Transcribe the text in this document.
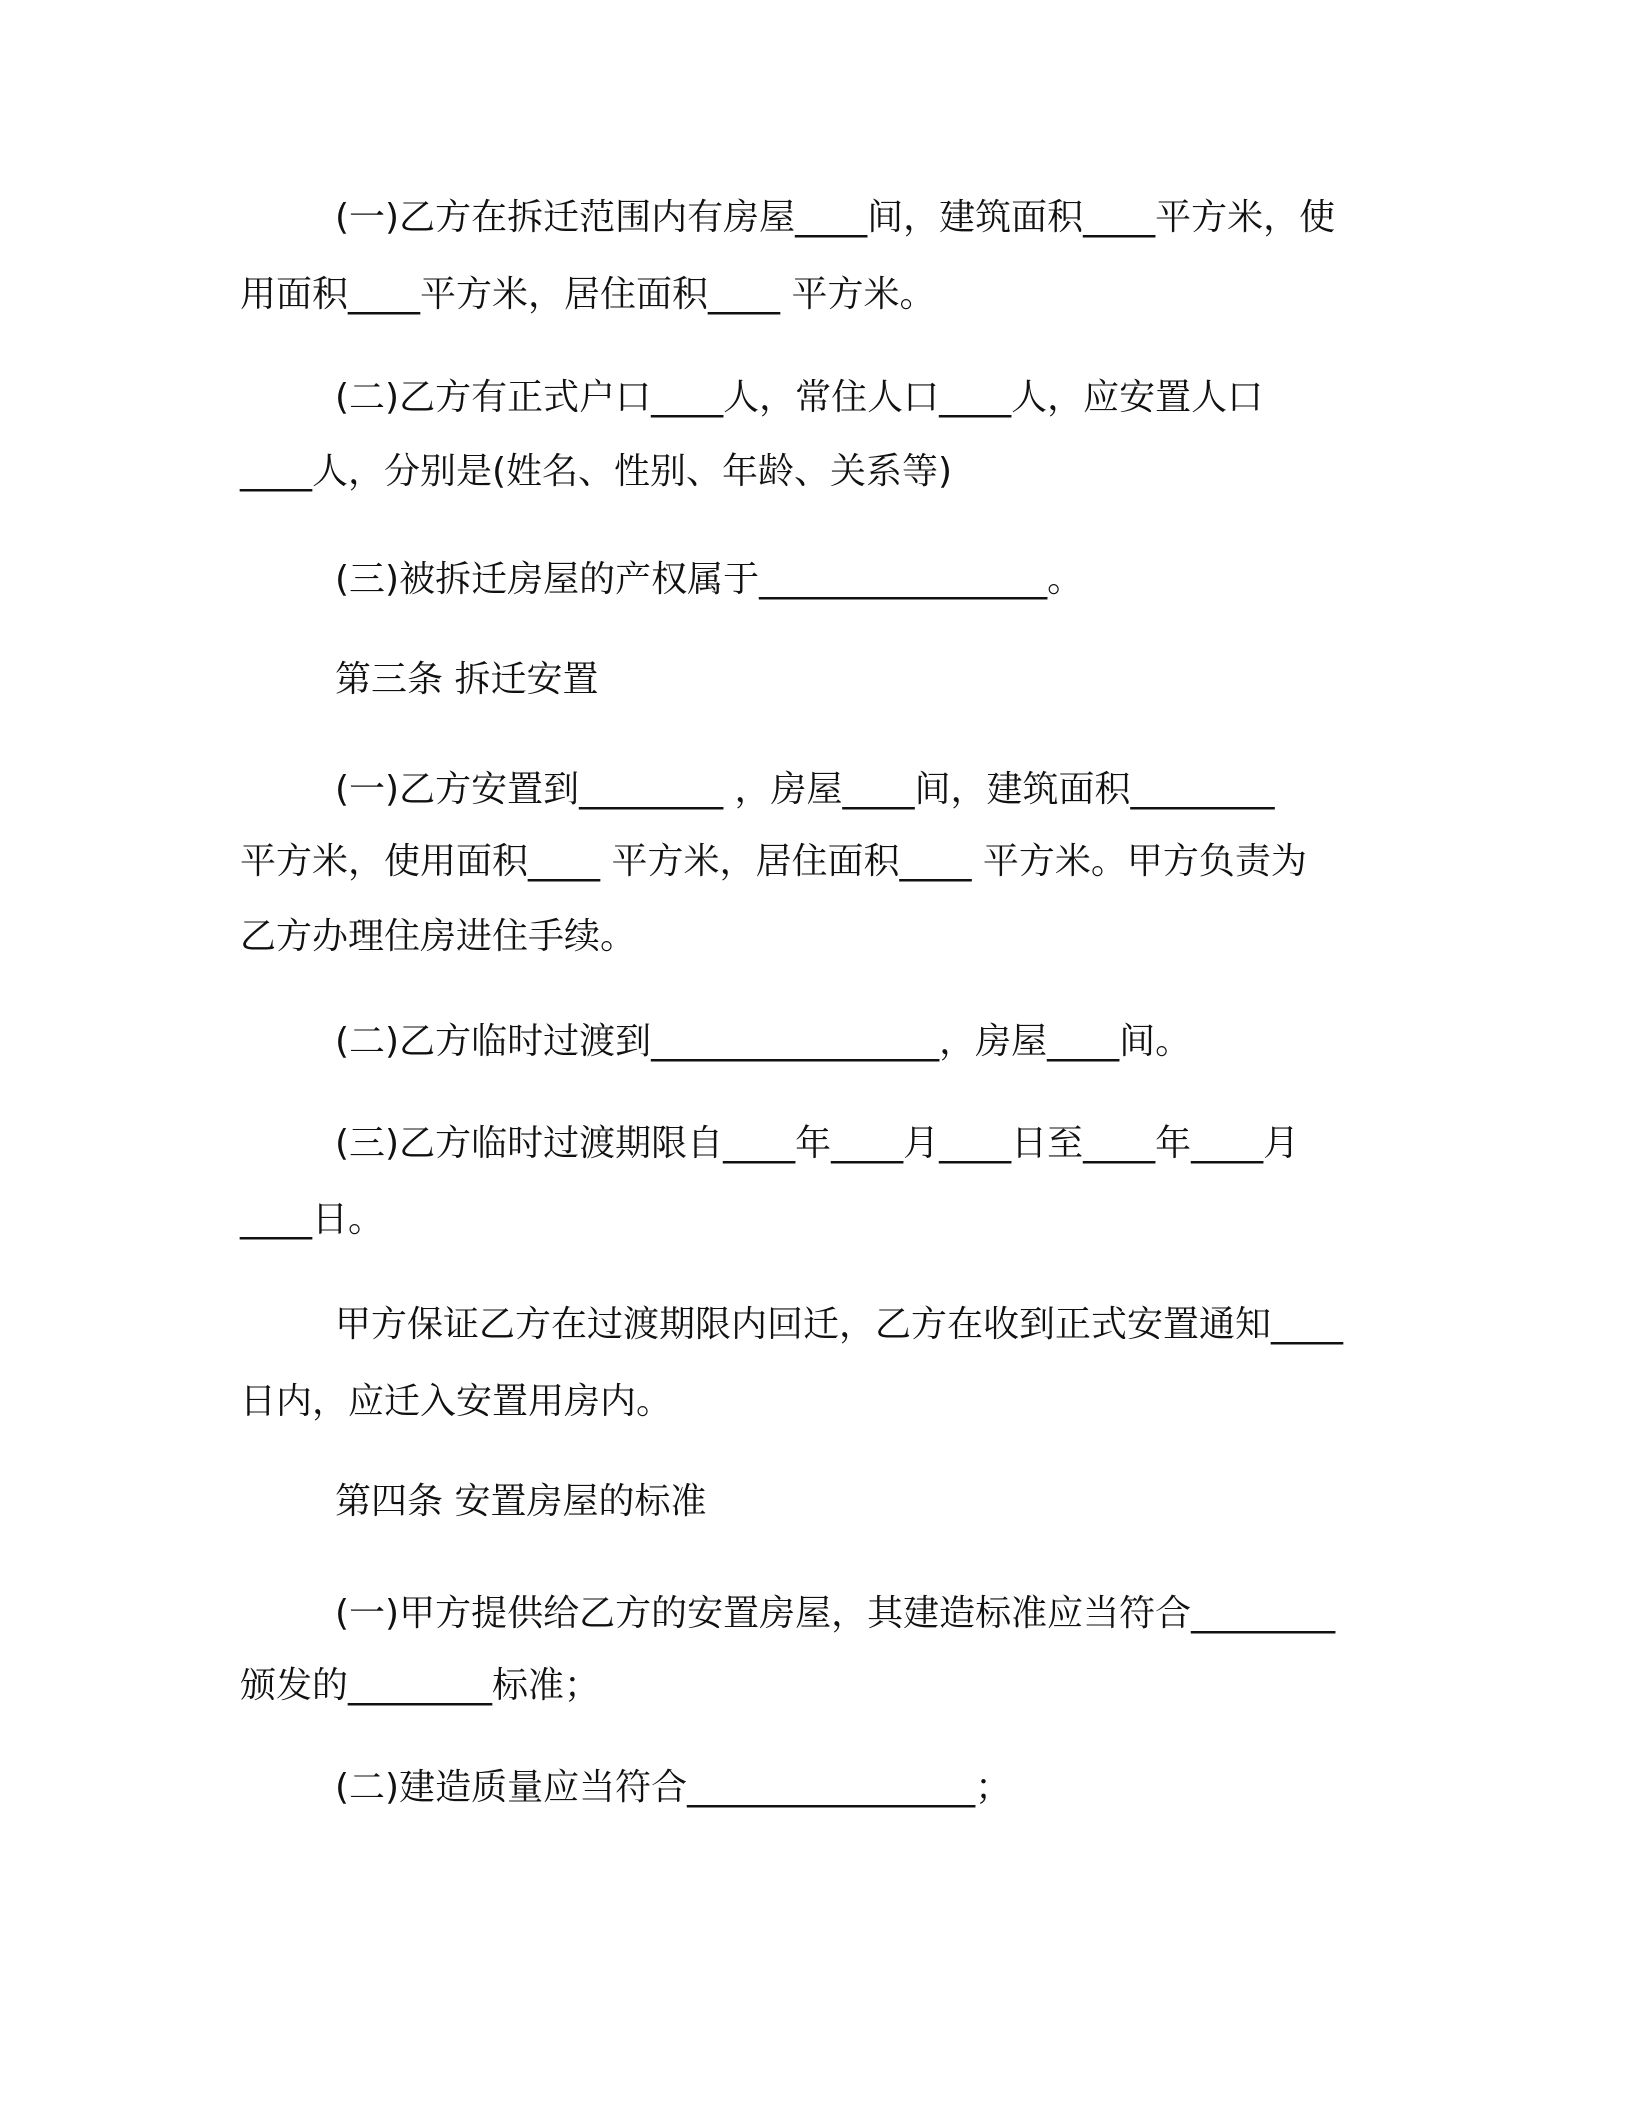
(一)乙方在拆迁范围内有房屋____间，建筑面积____平方米，使
用面积____平方米，居住面积____ 平方米。
(二)乙方有正式户口____人，常住人口____人，应安置人口
____人，分别是(姓名、性别、年龄、关系等)
(三)被拆迁房屋的产权属于________________。
第三条 拆迁安置
(一)乙方安置到________ ，房屋____间，建筑面积________
平方米，使用面积____ 平方米，居住面积____ 平方米。甲方负责为
乙方办理住房进住手续。
(二)乙方临时过渡到________________，房屋____间。
(三)乙方临时过渡期限自____年____月____日至____年____月
____日。
甲方保证乙方在过渡期限内回迁，乙方在收到正式安置通知____
日内，应迁入安置用房内。
第四条 安置房屋的标准
(一)甲方提供给乙方的安置房屋，其建造标准应当符合________
颁发的________标准；
(二)建造质量应当符合________________；
